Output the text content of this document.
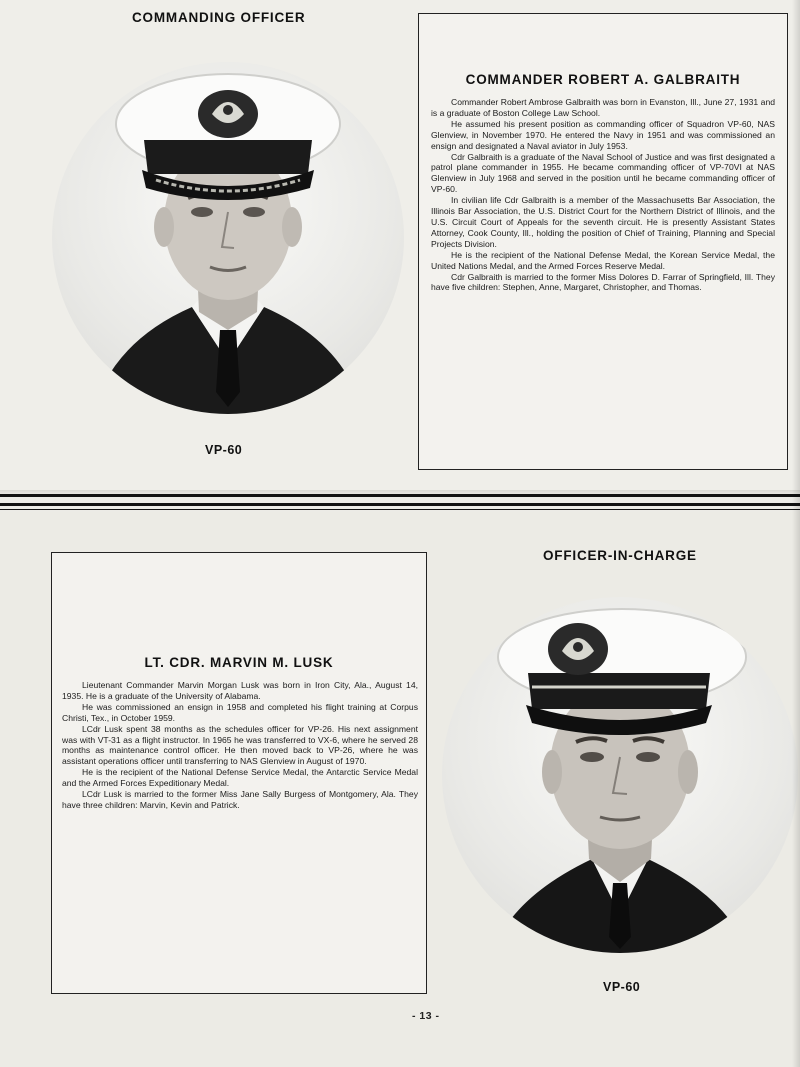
COMMANDING OFFICER
VP-60
COMMANDER ROBERT A. GALBRAITH

Commander Robert Ambrose Galbraith was born in Evanston, Ill., June 27, 1931 and is a graduate of Boston College Law School.

He assumed his present position as commanding officer of Squadron VP-60, NAS Glenview, in November 1970. He entered the Navy in 1951 and was commissioned an ensign and designated a Naval aviator in July 1953.

Cdr Galbraith is a graduate of the Naval School of Justice and was first designated a patrol plane commander in 1955. He became commanding officer of VP-70VI at NAS Glenview in July 1968 and served in the position until he became commanding officer of VP-60.

In civilian life Cdr Galbraith is a member of the Massachusetts Bar Association, the Illinois Bar Association, the U.S. District Court for the Northern District of Illinois, and the U.S. Circuit Court of Appeals for the seventh circuit. He is presently Assistant States Attorney, Cook County, Ill., holding the position of Chief of Training, Planning and Special Projects Division.

He is the recipient of the National Defense Medal, the Korean Service Medal, the United Nations Medal, and the Armed Forces Reserve Medal.

Cdr Galbraith is married to the former Miss Dolores D. Farrar of Springfield, Ill. They have five children: Stephen, Anne, Margaret, Christopher, and Thomas.

OFFICER-IN-CHARGE
LT. CDR. MARVIN M. LUSK

Lieutenant Commander Marvin Morgan Lusk was born in Iron City, Ala., August 14, 1935. He is a graduate of the University of Alabama.

He was commissioned an ensign in 1958 and completed his flight training at Corpus Christi, Tex., in October 1959.

LCdr Lusk spent 38 months as the schedules officer for VP-26. His next assignment was with VT-31 as a flight instructor. In 1965 he was transferred to VX-6, where he served 28 months as maintenance control officer. He then moved back to VP-26, where he was assistant operations officer until transferring to NAS Glenview in August of 1970.

He is the recipient of the National Defense Service Medal, the Antarctic Service Medal and the Armed Forces Expeditionary Medal.

LCdr Lusk is married to the former Miss Jane Sally Burgess of Montgomery, Ala. They have three children: Marvin, Kevin and Patrick.

VP-60
- 13 -
